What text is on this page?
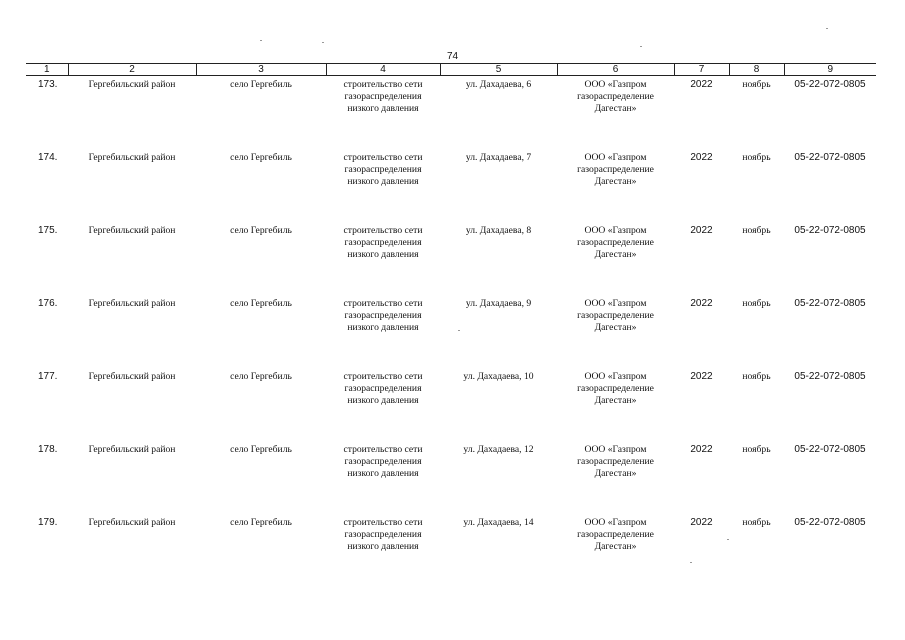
74
1	2	3	4	5	6	7	8	9
173.	Гергебильский район	село Гергебиль	строительство сети газораспределения низкого давления	ул. Дахадаева, 6	ООО «Газпром газораспределение Дагестан»	2022	ноябрь	05-22-072-0805
174.	Гергебильский район	село Гергебиль	строительство сети газораспределения низкого давления	ул. Дахадаева, 7	ООО «Газпром газораспределение Дагестан»	2022	ноябрь	05-22-072-0805
175.	Гергебильский район	село Гергебиль	строительство сети газораспределения низкого давления	ул. Дахадаева, 8	ООО «Газпром газораспределение Дагестан»	2022	ноябрь	05-22-072-0805
176.	Гергебильский район	село Гергебиль	строительство сети газораспределения низкого давления	ул. Дахадаева, 9	ООО «Газпром газораспределение Дагестан»	2022	ноябрь	05-22-072-0805
177.	Гергебильский район	село Гергебиль	строительство сети газораспределения низкого давления	ул. Дахадаева, 10	ООО «Газпром газораспределение Дагестан»	2022	ноябрь	05-22-072-0805
178.	Гергебильский район	село Гергебиль	строительство сети газораспределения низкого давления	ул. Дахадаева, 12	ООО «Газпром газораспределение Дагестан»	2022	ноябрь	05-22-072-0805
179.	Гергебильский район	село Гергебиль	строительство сети газораспределения низкого давления	ул. Дахадаева, 14	ООО «Газпром газораспределение Дагестан»	2022	ноябрь	05-22-072-0805
